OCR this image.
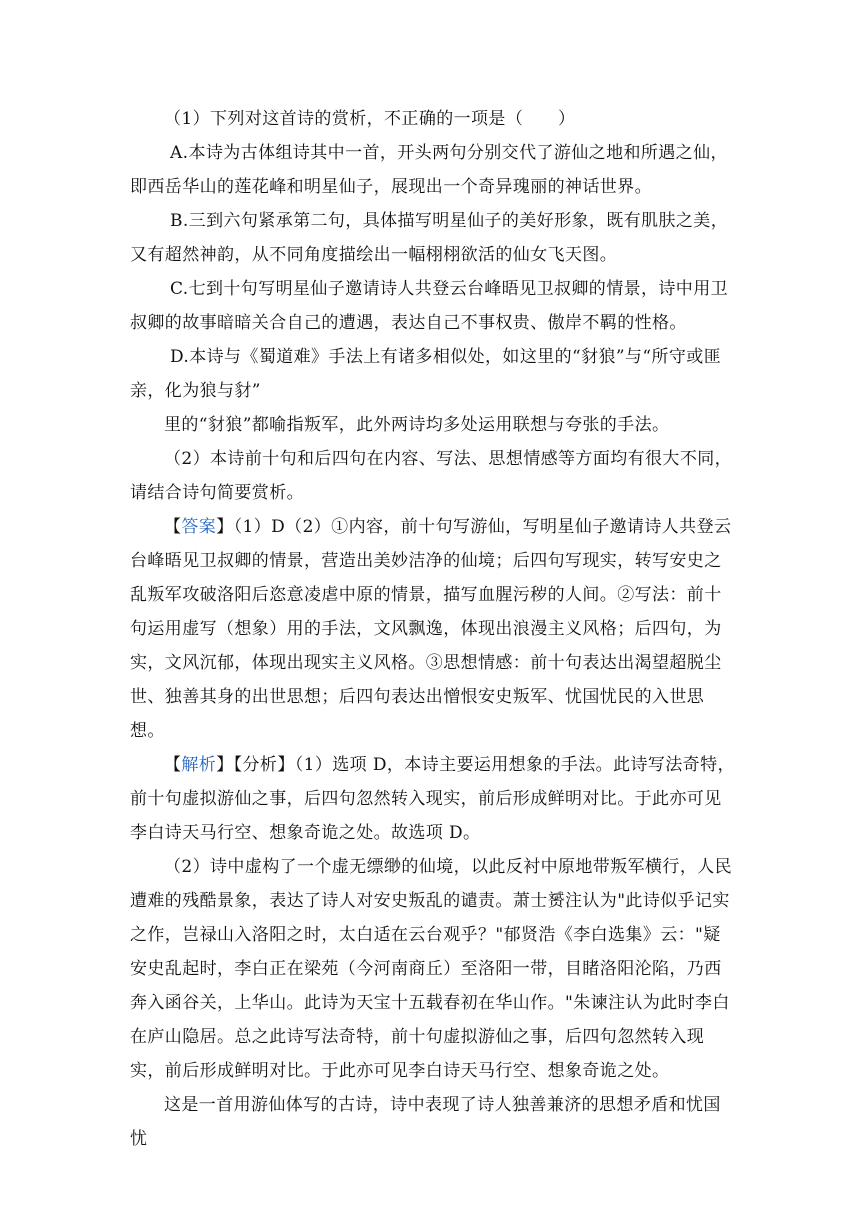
（1）下列对这首诗的赏析，不正确的一项是（　　）

A.本诗为古体组诗其中一首，开头两句分别交代了游仙之地和所遇之仙，即西岳华山的莲花峰和明星仙子，展现出一个奇异瑰丽的神话世界。

B.三到六句紧承第二句，具体描写明星仙子的美好形象，既有肌肤之美，又有超然神韵，从不同角度描绘出一幅栩栩欲活的仙女飞天图。

C.七到十句写明星仙子邀请诗人共登云台峰晤见卫叔卿的情景，诗中用卫叔卿的故事暗暗关合自己的遭遇，表达自己不事权贵、傲岸不羁的性格。

D.本诗与《蜀道难》手法上有诸多相似处，如这里的“豺狼”与“所守或匪亲，化为狼与豺”

里的“豺狼”都喻指叛军，此外两诗均多处运用联想与夸张的手法。

（2）本诗前十句和后四句在内容、写法、思想情感等方面均有很大不同，请结合诗句简要赏析。

【答案】（1）D（2）①内容，前十句写游仙，写明星仙子邀请诗人共登云台峰晤见卫叔卿的情景，营造出美妙洁净的仙境；后四句写现实，转写安史之乱叛军攻破洛阳后恣意凌虐中原的情景，描写血腥污秽的人间。②写法：前十句运用虚写（想象）用的手法，文风飘逸，体现出浪漫主义风格；后四句，为实，文风沉郁，体现出现实主义风格。③思想情感：前十句表达出渴望超脱尘世、独善其身的出世思想；后四句表达出憎恨安史叛军、忧国忧民的入世思想。

【解析】【分析】（1）选项 D，本诗主要运用想象的手法。此诗写法奇特，前十句虚拟游仙之事，后四句忽然转入现实，前后形成鲜明对比。于此亦可见李白诗天马行空、想象奇诡之处。故选项 D。

（2）诗中虚构了一个虚无缥缈的仙境，以此反衬中原地带叛军横行，人民遭难的残酷景象，表达了诗人对安史叛乱的谴责。萧士赟注认为"此诗似乎记实之作，岂禄山入洛阳之时，太白适在云台观乎？"郁贤浩《李白选集》云："疑安史乱起时，李白正在梁苑（今河南商丘）至洛阳一带，目睹洛阳沦陷，乃西奔入函谷关，上华山。此诗为天宝十五载春初在华山作。"朱谏注认为此时李白在庐山隐居。总之此诗写法奇特，前十句虚拟游仙之事，后四句忽然转入现实，前后形成鲜明对比。于此亦可见李白诗天马行空、想象奇诡之处。

这是一首用游仙体写的古诗，诗中表现了诗人独善兼济的思想矛盾和忧国忧
